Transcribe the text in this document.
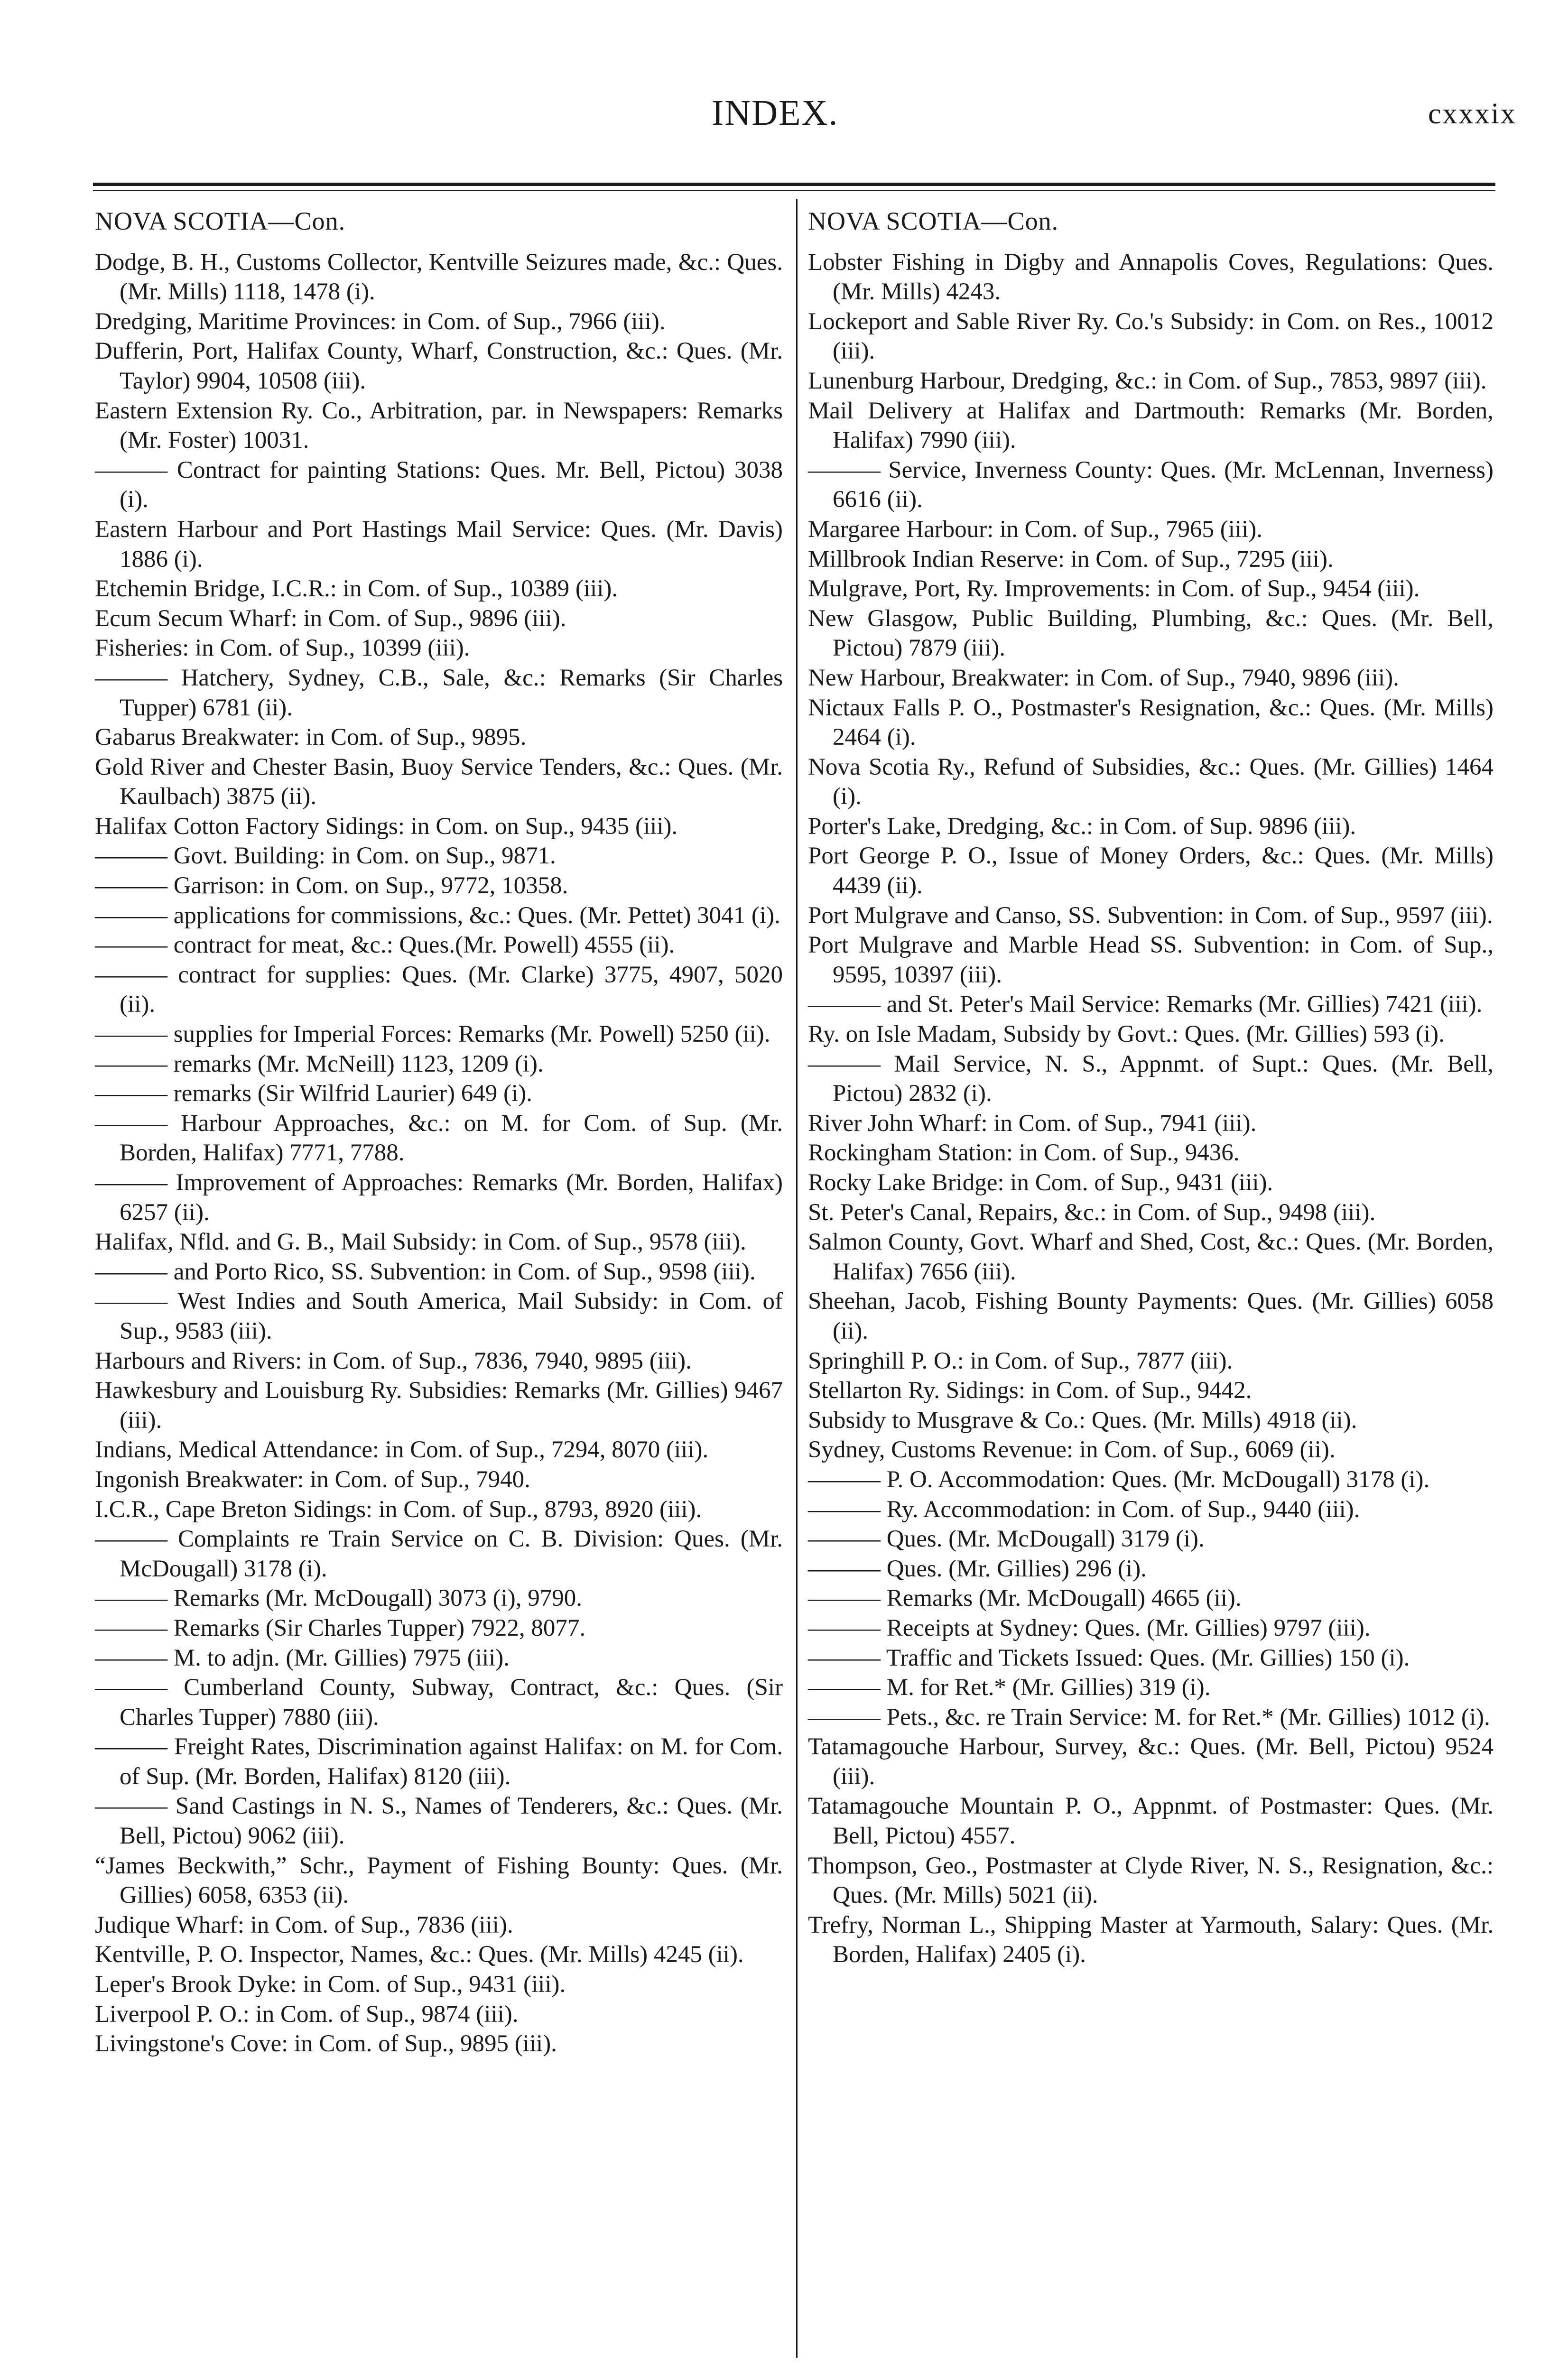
INDEX.	cxxxix

NOVA SCOTIA—Con.

Dodge, B. H., Customs Collector, Kentville Seizures made, &c.: Ques. (Mr. Mills) 1118, 1478 (i).

Dredging, Maritime Provinces: in Com. of Sup., 7966 (iii).

Dufferin, Port, Halifax County, Wharf, Construction, &c.: Ques. (Mr. Taylor) 9904, 10508 (iii).

Eastern Extension Ry. Co., Arbitration, par. in Newspapers: Remarks (Mr. Foster) 10031.

——— Contract for painting Stations: Ques. Mr. Bell, Pictou) 3038 (i).

Eastern Harbour and Port Hastings Mail Service: Ques. (Mr. Davis) 1886 (i).

Etchemin Bridge, I.C.R.: in Com. of Sup., 10389 (iii).

Ecum Secum Wharf: in Com. of Sup., 9896 (iii).

Fisheries: in Com. of Sup., 10399 (iii).

——— Hatchery, Sydney, C.B., Sale, &c.: Remarks (Sir Charles Tupper) 6781 (ii).

Gabarus Breakwater: in Com. of Sup., 9895.

Gold River and Chester Basin, Buoy Service Tenders, &c.: Ques. (Mr. Kaulbach) 3875 (ii).

Halifax Cotton Factory Sidings: in Com. on Sup., 9435 (iii).

——— Govt. Building: in Com. on Sup., 9871.

——— Garrison: in Com. on Sup., 9772, 10358.

——— applications for commissions, &c.: Ques. (Mr. Pettet) 3041 (i).

——— contract for meat, &c.: Ques.(Mr. Powell) 4555 (ii).

——— contract for supplies: Ques. (Mr. Clarke) 3775, 4907, 5020 (ii).

——— supplies for Imperial Forces: Remarks (Mr. Powell) 5250 (ii).

——— remarks (Mr. McNeill) 1123, 1209 (i).

——— remarks (Sir Wilfrid Laurier) 649 (i).

——— Harbour Approaches, &c.: on M. for Com. of Sup. (Mr. Borden, Halifax) 7771, 7788.

——— Improvement of Approaches: Remarks (Mr. Borden, Halifax) 6257 (ii).

Halifax, Nfld. and G. B., Mail Subsidy: in Com. of Sup., 9578 (iii).

——— and Porto Rico, SS. Subvention: in Com. of Sup., 9598 (iii).

——— West Indies and South America, Mail Subsidy: in Com. of Sup., 9583 (iii).

Harbours and Rivers: in Com. of Sup., 7836, 7940, 9895 (iii).

Hawkesbury and Louisburg Ry. Subsidies: Remarks (Mr. Gillies) 9467 (iii).

Indians, Medical Attendance: in Com. of Sup., 7294, 8070 (iii).

Ingonish Breakwater: in Com. of Sup., 7940.

I.C.R., Cape Breton Sidings: in Com. of Sup., 8793, 8920 (iii).

——— Complaints re Train Service on C. B. Division: Ques. (Mr. McDougall) 3178 (i).

——— Remarks (Mr. McDougall) 3073 (i), 9790.

——— Remarks (Sir Charles Tupper) 7922, 8077.

——— M. to adjn. (Mr. Gillies) 7975 (iii).

——— Cumberland County, Subway, Contract, &c.: Ques. (Sir Charles Tupper) 7880 (iii).

——— Freight Rates, Discrimination against Halifax: on M. for Com. of Sup. (Mr. Borden, Halifax) 8120 (iii).

——— Sand Castings in N. S., Names of Tenderers, &c.: Ques. (Mr. Bell, Pictou) 9062 (iii).

“James Beckwith,” Schr., Payment of Fishing Bounty: Ques. (Mr. Gillies) 6058, 6353 (ii).

Judique Wharf: in Com. of Sup., 7836 (iii).

Kentville, P. O. Inspector, Names, &c.: Ques. (Mr. Mills) 4245 (ii).

Leper's Brook Dyke: in Com. of Sup., 9431 (iii).

Liverpool P. O.: in Com. of Sup., 9874 (iii).

Livingstone's Cove: in Com. of Sup., 9895 (iii).

NOVA SCOTIA—Con.

Lobster Fishing in Digby and Annapolis Coves, Regulations: Ques. (Mr. Mills) 4243.

Lockeport and Sable River Ry. Co.'s Subsidy: in Com. on Res., 10012 (iii).

Lunenburg Harbour, Dredging, &c.: in Com. of Sup., 7853, 9897 (iii).

Mail Delivery at Halifax and Dartmouth: Remarks (Mr. Borden, Halifax) 7990 (iii).

——— Service, Inverness County: Ques. (Mr. McLennan, Inverness) 6616 (ii).

Margaree Harbour: in Com. of Sup., 7965 (iii).

Millbrook Indian Reserve: in Com. of Sup., 7295 (iii).

Mulgrave, Port, Ry. Improvements: in Com. of Sup., 9454 (iii).

New Glasgow, Public Building, Plumbing, &c.: Ques. (Mr. Bell, Pictou) 7879 (iii).

New Harbour, Breakwater: in Com. of Sup., 7940, 9896 (iii).

Nictaux Falls P. O., Postmaster's Resignation, &c.: Ques. (Mr. Mills) 2464 (i).

Nova Scotia Ry., Refund of Subsidies, &c.: Ques. (Mr. Gillies) 1464 (i).

Porter's Lake, Dredging, &c.: in Com. of Sup. 9896 (iii).

Port George P. O., Issue of Money Orders, &c.: Ques. (Mr. Mills) 4439 (ii).

Port Mulgrave and Canso, SS. Subvention: in Com. of Sup., 9597 (iii).

Port Mulgrave and Marble Head SS. Subvention: in Com. of Sup., 9595, 10397 (iii).

——— and St. Peter's Mail Service: Remarks (Mr. Gillies) 7421 (iii).

Ry. on Isle Madam, Subsidy by Govt.: Ques. (Mr. Gillies) 593 (i).

——— Mail Service, N. S., Appnmt. of Supt.: Ques. (Mr. Bell, Pictou) 2832 (i).

River John Wharf: in Com. of Sup., 7941 (iii).

Rockingham Station: in Com. of Sup., 9436.

Rocky Lake Bridge: in Com. of Sup., 9431 (iii).

St. Peter's Canal, Repairs, &c.: in Com. of Sup., 9498 (iii).

Salmon County, Govt. Wharf and Shed, Cost, &c.: Ques. (Mr. Borden, Halifax) 7656 (iii).

Sheehan, Jacob, Fishing Bounty Payments: Ques. (Mr. Gillies) 6058 (ii).

Springhill P. O.: in Com. of Sup., 7877 (iii).

Stellarton Ry. Sidings: in Com. of Sup., 9442.

Subsidy to Musgrave & Co.: Ques. (Mr. Mills) 4918 (ii).

Sydney, Customs Revenue: in Com. of Sup., 6069 (ii).

——— P. O. Accommodation: Ques. (Mr. McDougall) 3178 (i).

——— Ry. Accommodation: in Com. of Sup., 9440 (iii).

——— Ques. (Mr. McDougall) 3179 (i).

——— Ques. (Mr. Gillies) 296 (i).

——— Remarks (Mr. McDougall) 4665 (ii).

——— Receipts at Sydney: Ques. (Mr. Gillies) 9797 (iii).

——— Traffic and Tickets Issued: Ques. (Mr. Gillies) 150 (i).

——— M. for Ret.* (Mr. Gillies) 319 (i).

——— Pets., &c. re Train Service: M. for Ret.* (Mr. Gillies) 1012 (i).

Tatamagouche Harbour, Survey, &c.: Ques. (Mr. Bell, Pictou) 9524 (iii).

Tatamagouche Mountain P. O., Appnmt. of Postmaster: Ques. (Mr. Bell, Pictou) 4557.

Thompson, Geo., Postmaster at Clyde River, N. S., Resignation, &c.: Ques. (Mr. Mills) 5021 (ii).

Trefry, Norman L., Shipping Master at Yarmouth, Salary: Ques. (Mr. Borden, Halifax) 2405 (i).
